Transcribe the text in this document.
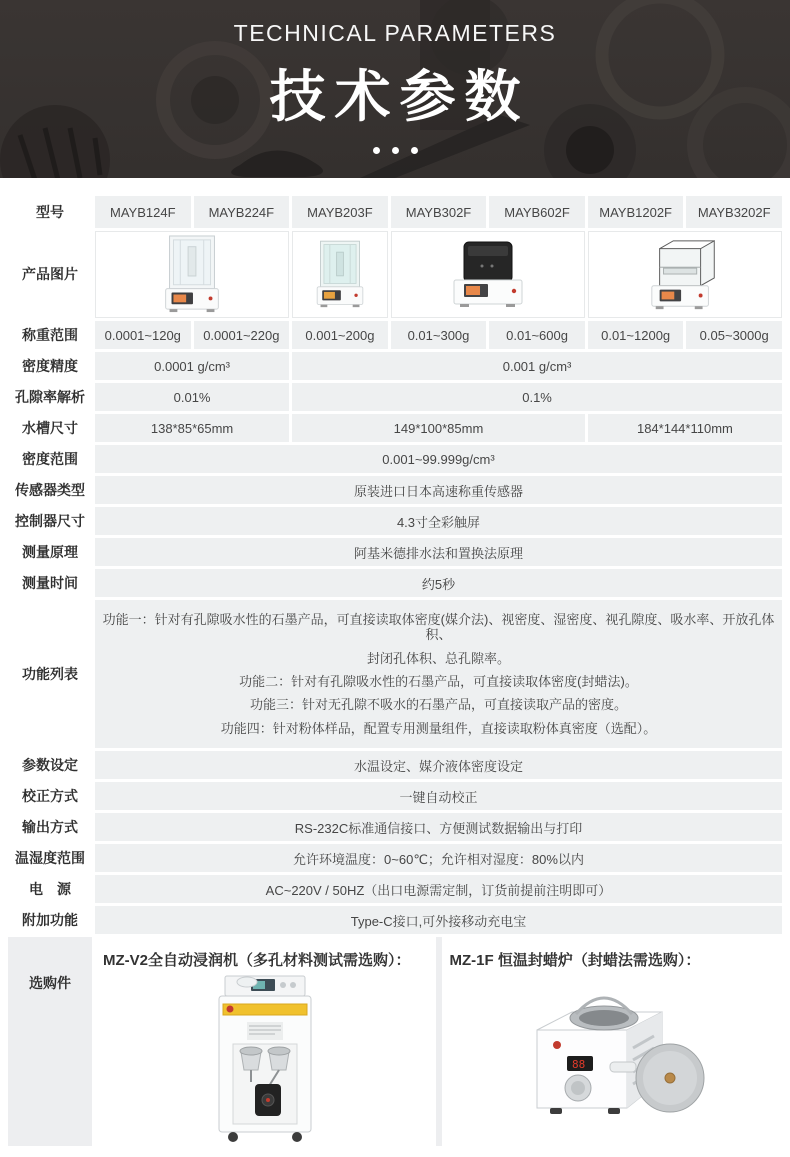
TECHNICAL PARAMETERS
技术参数
型号	MAYB124F	MAYB224F	MAYB203F	MAYB302F	MAYB602F	MAYB1202F	MAYB3202F
产品图片
称重范围	0.0001~120g	0.0001~220g	0.001~200g	0.01~300g	0.01~600g	0.01~1200g	0.05~3000g
密度精度	0.0001 g/cm³	0.001 g/cm³
孔隙率解析	0.01%	0.1%
水槽尺寸	138*85*65mm	149*100*85mm	184*144*110mm
密度范围	0.001~99.999g/cm³
传感器类型	原装进口日本高速称重传感器
控制器尺寸	4.3寸全彩触屏
测量原理	阿基米德排水法和置换法原理
测量时间	约5秒
功能列表
功能一：针对有孔隙吸水性的石墨产品，可直接读取体密度(媒介法)、视密度、湿密度、视孔隙度、吸水率、开放孔体积、
封闭孔体积、总孔隙率。
功能二：针对有孔隙吸水性的石墨产品，可直接读取体密度(封蜡法)。
功能三：针对无孔隙不吸水的石墨产品，可直接读取产品的密度。
功能四：针对粉体样品，配置专用测量组件，直接读取粉体真密度（选配）。
参数设定	水温设定、媒介液体密度设定
校正方式	一键自动校正
输出方式	RS-232C标准通信接口、方便测试数据输出与打印
温湿度范围	允许环境温度：0~60℃；允许相对湿度：80%以内
电　源	AC~220V / 50HZ（出口电源需定制，订货前提前注明即可）
附加功能	Type-C接口,可外接移动充电宝
选购件
MZ-V2全自动浸润机（多孔材料测试需选购）：	MZ-1F 恒温封蜡炉（封蜡法需选购）：
88
